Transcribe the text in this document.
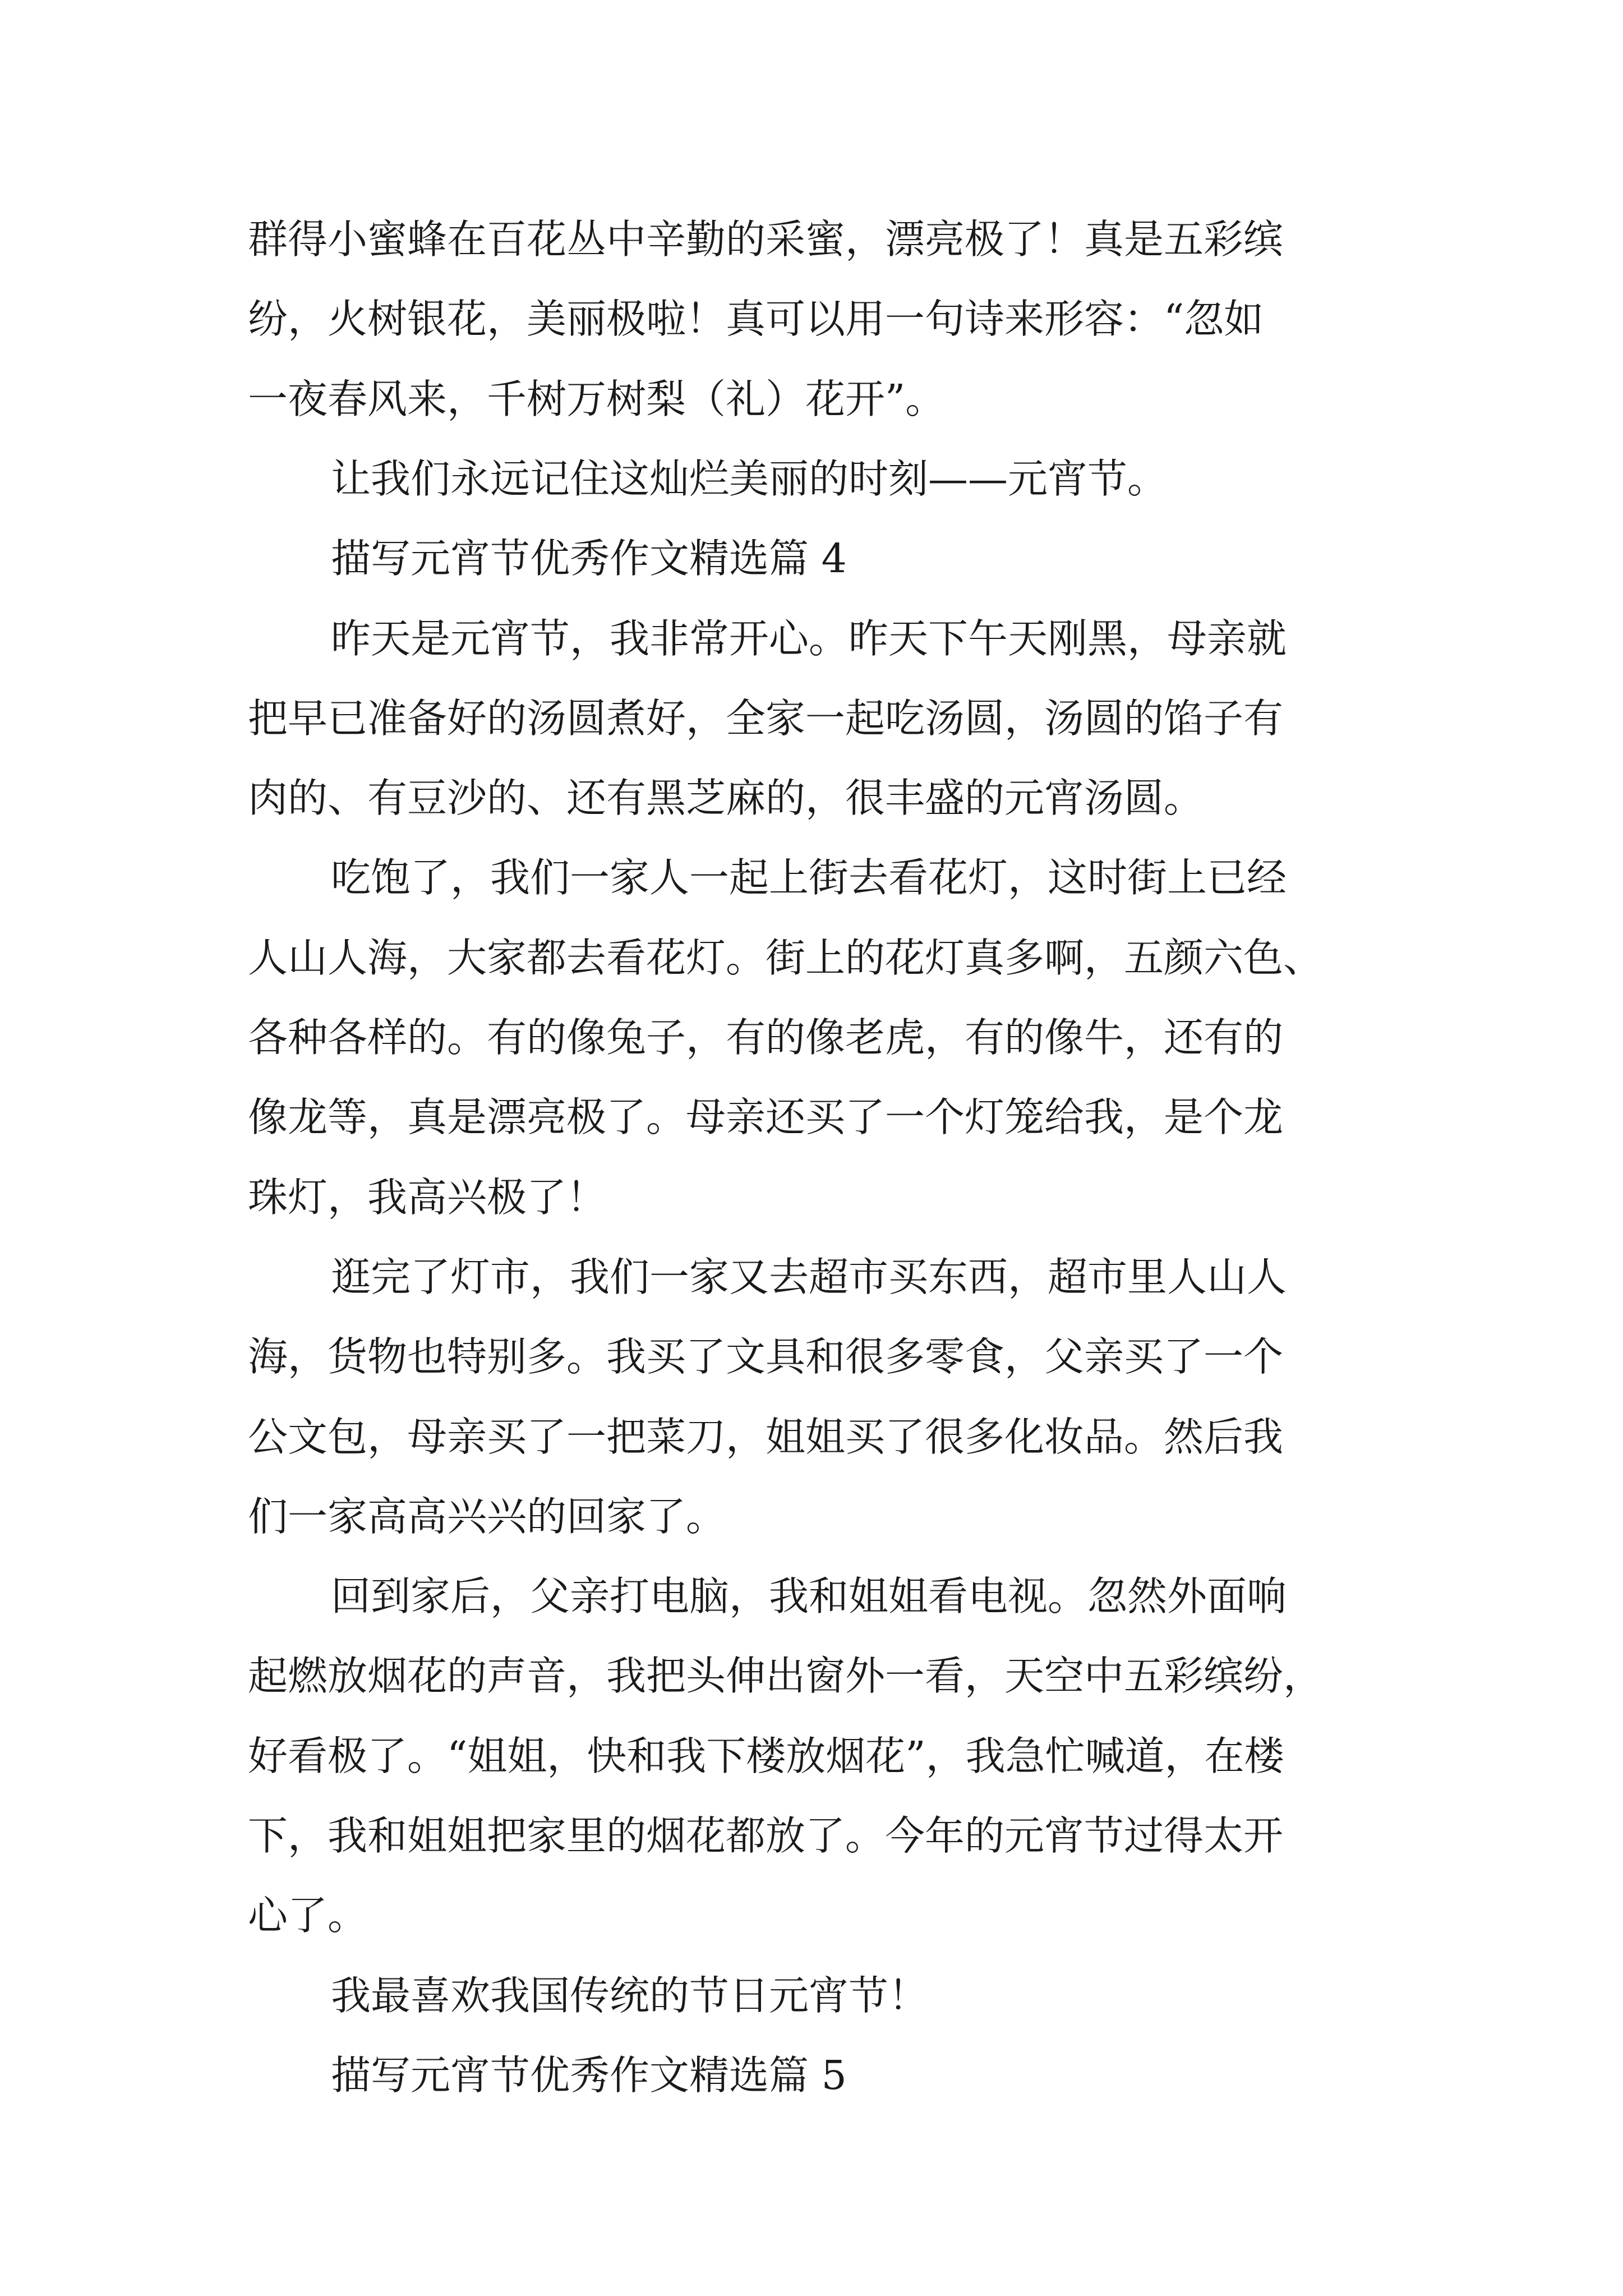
群得小蜜蜂在百花丛中辛勤的采蜜，漂亮极了！真是五彩缤

纷，火树银花，美丽极啦！真可以用一句诗来形容：“忽如

一夜春风来，千树万树梨（礼）花开”。

让我们永远记住这灿烂美丽的时刻——元宵节。

描写元宵节优秀作文精选篇 4

昨天是元宵节，我非常开心。昨天下午天刚黑，母亲就

把早已准备好的汤圆煮好，全家一起吃汤圆，汤圆的馅子有

肉的、有豆沙的、还有黑芝麻的，很丰盛的元宵汤圆。

吃饱了，我们一家人一起上街去看花灯，这时街上已经

人山人海，大家都去看花灯。街上的花灯真多啊，五颜六色、

各种各样的。有的像兔子，有的像老虎，有的像牛，还有的

像龙等，真是漂亮极了。母亲还买了一个灯笼给我，是个龙

珠灯，我高兴极了！

逛完了灯市，我们一家又去超市买东西，超市里人山人

海，货物也特别多。我买了文具和很多零食，父亲买了一个

公文包，母亲买了一把菜刀，姐姐买了很多化妆品。然后我

们一家高高兴兴的回家了。

回到家后，父亲打电脑，我和姐姐看电视。忽然外面响

起燃放烟花的声音，我把头伸出窗外一看，天空中五彩缤纷，

好看极了。“姐姐，快和我下楼放烟花”，我急忙喊道，在楼

下，我和姐姐把家里的烟花都放了。今年的元宵节过得太开

心了。

我最喜欢我国传统的节日元宵节！

描写元宵节优秀作文精选篇 5
